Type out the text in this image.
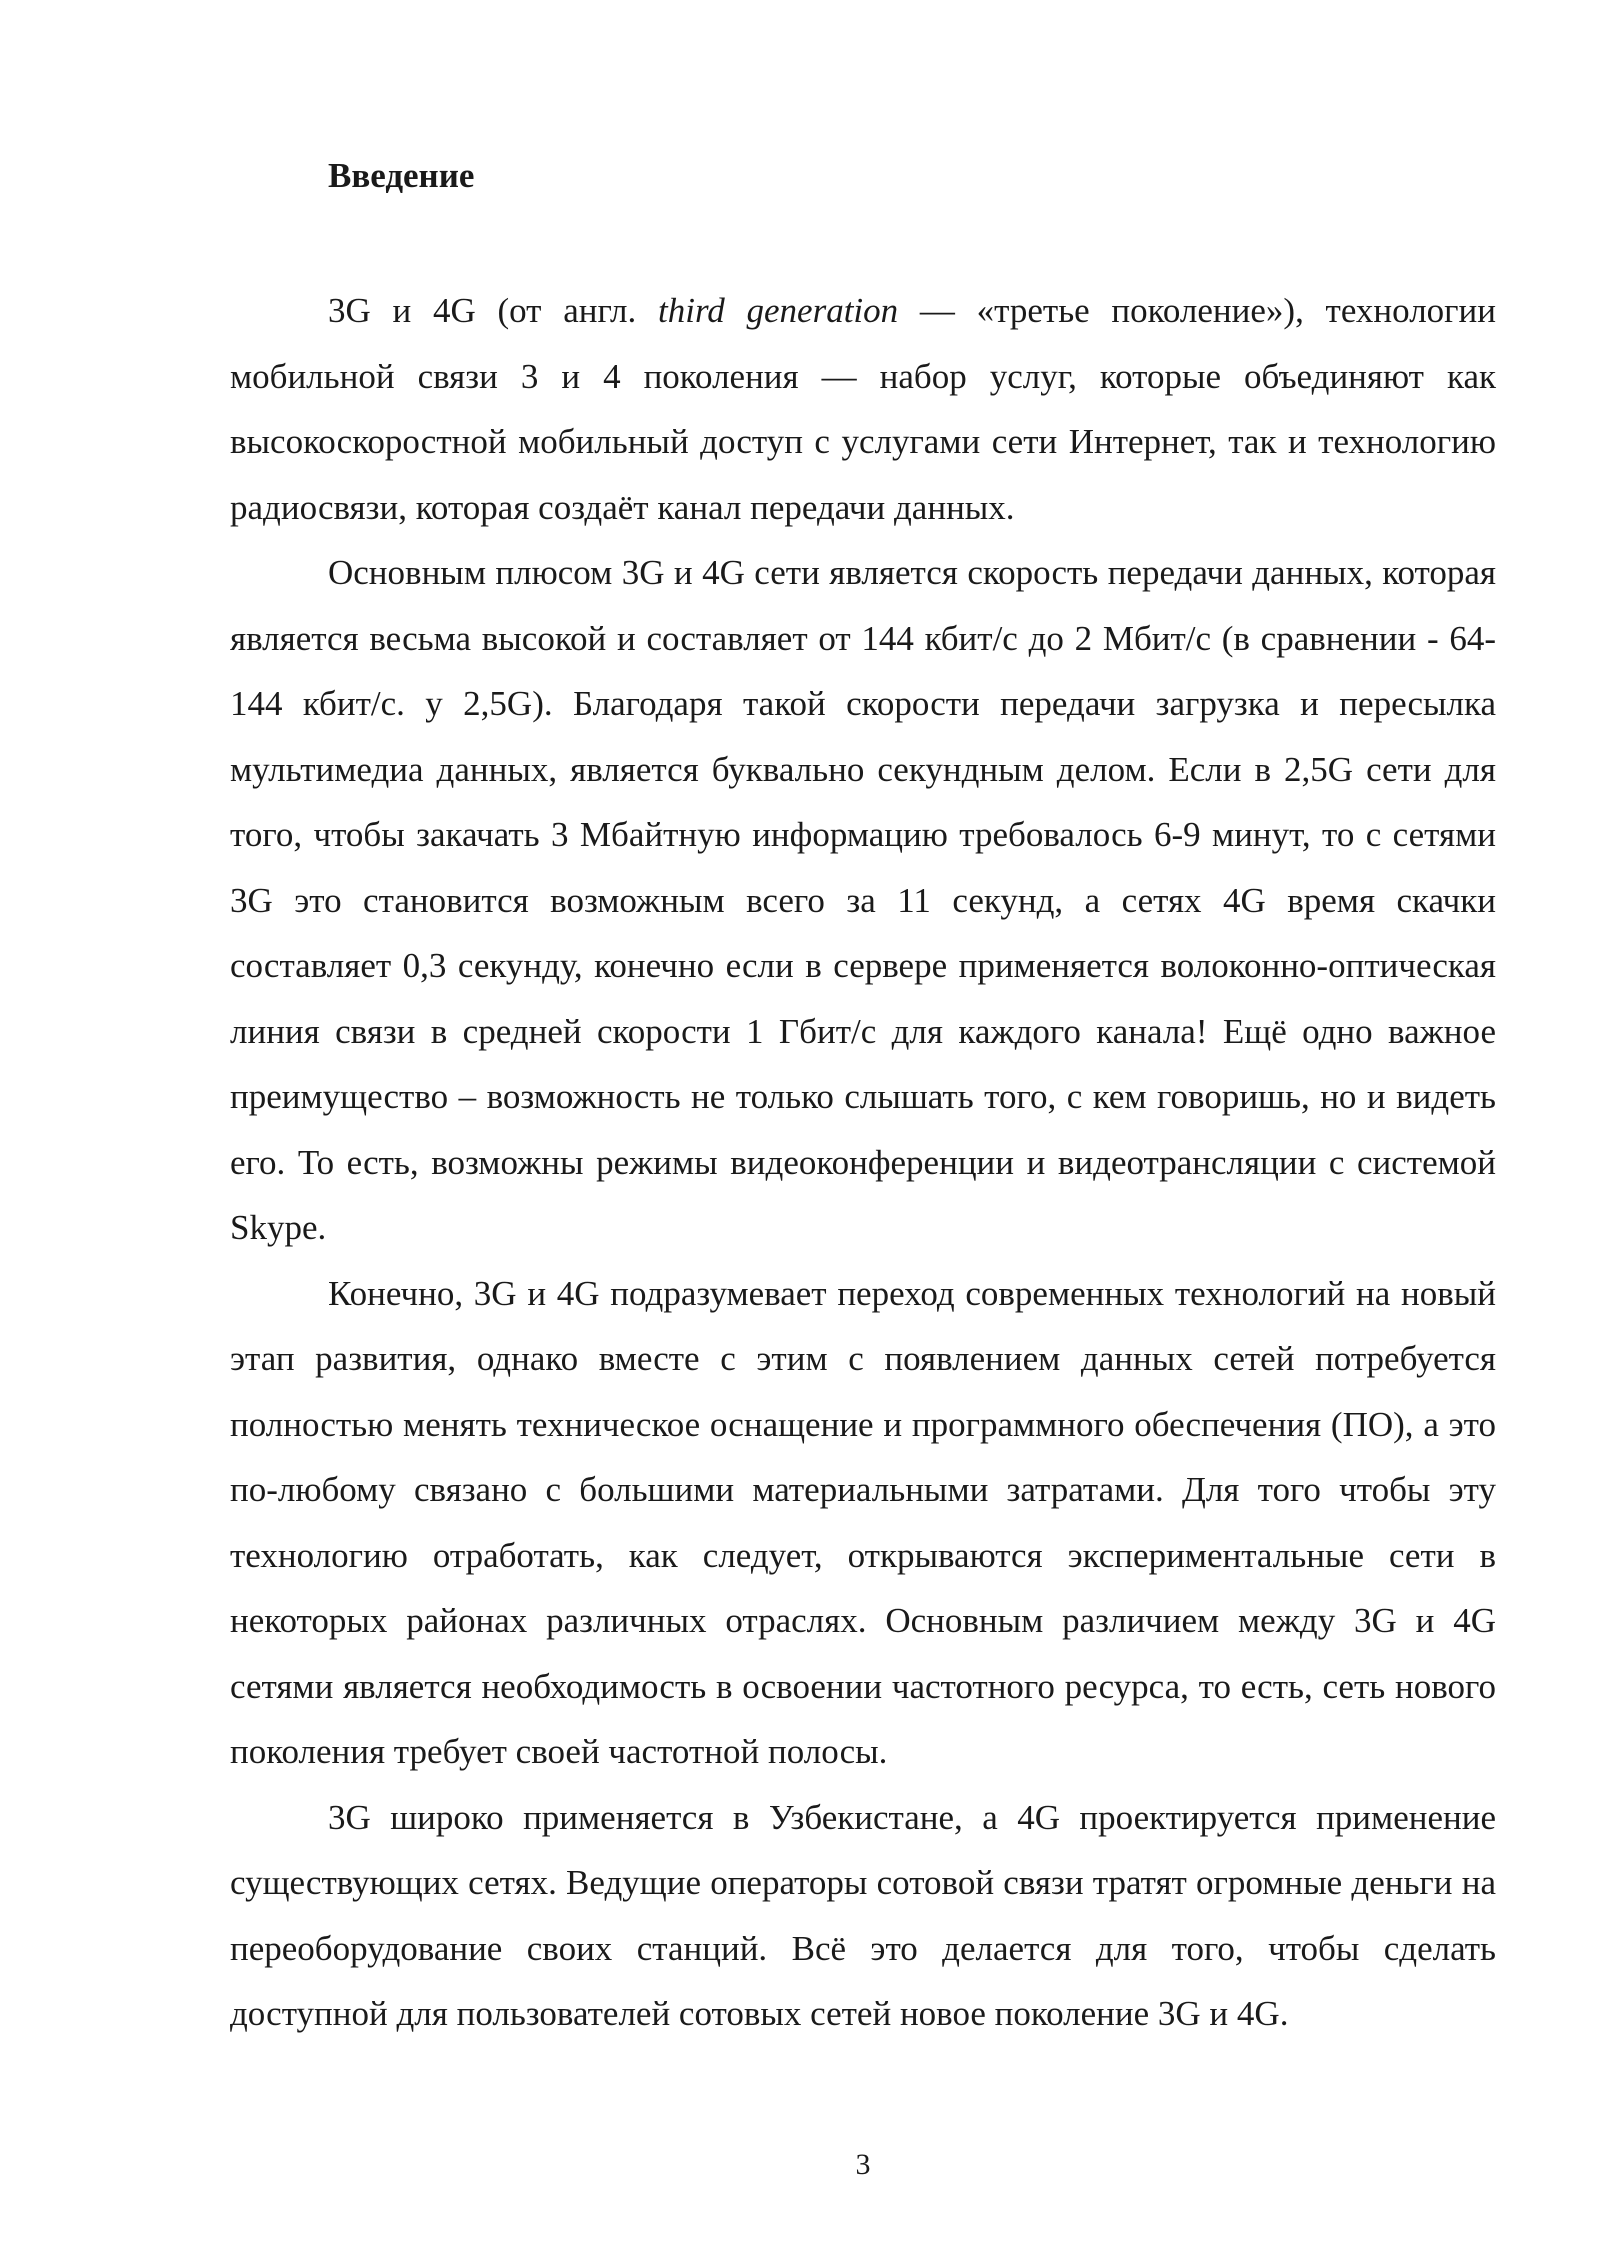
Введение

3G и 4G (от англ. third generation — «третье поколение»), технологии мобильной связи 3 и 4 поколения — набор услуг, которые объединяют как высокоскоростной мобильный доступ с услугами сети Интернет, так и технологию радиосвязи, которая создаёт канал передачи данных.

Основным плюсом 3G и 4G сети является скорость передачи данных, которая является весьма высокой и составляет от 144 кбит/с до 2 Мбит/с (в сравнении - 64-144 кбит/с. у 2,5G). Благодаря такой скорости передачи загрузка и пересылка мультимедиа данных, является буквально секундным делом. Если в 2,5G сети для того, чтобы закачать 3 Мбайтную информацию требовалось 6-9 минут, то с сетями 3G это становится возможным всего за 11 секунд, а сетях 4G время скачки составляет 0,3 секунду, конечно если в сервере применяется волоконно-оптическая линия связи в средней скорости 1 Гбит/с для каждого канала! Ещё одно важное преимущество – возможность не только слышать того, с кем говоришь, но и видеть его. То есть, возможны режимы видеоконференции и видеотрансляции с системой Skype.

Конечно, 3G и 4G подразумевает переход современных технологий на новый этап развития, однако вместе с этим с появлением данных сетей потребуется полностью менять техническое оснащение и программного обеспечения (ПО), а это по-любому связано с большими материальными затратами. Для того чтобы эту технологию отработать, как следует, открываются экспериментальные сети в некоторых районах различных отраслях. Основным различием между 3G и 4G сетями является необходимость в освоении частотного ресурса, то есть, сеть нового поколения требует своей частотной полосы.

3G широко применяется в Узбекистане, а 4G проектируется применение существующих сетях. Ведущие операторы сотовой связи тратят огромные деньги на переоборудование своих станций. Всё это делается для того, чтобы сделать доступной для пользователей сотовых сетей новое поколение 3G и 4G.

3
